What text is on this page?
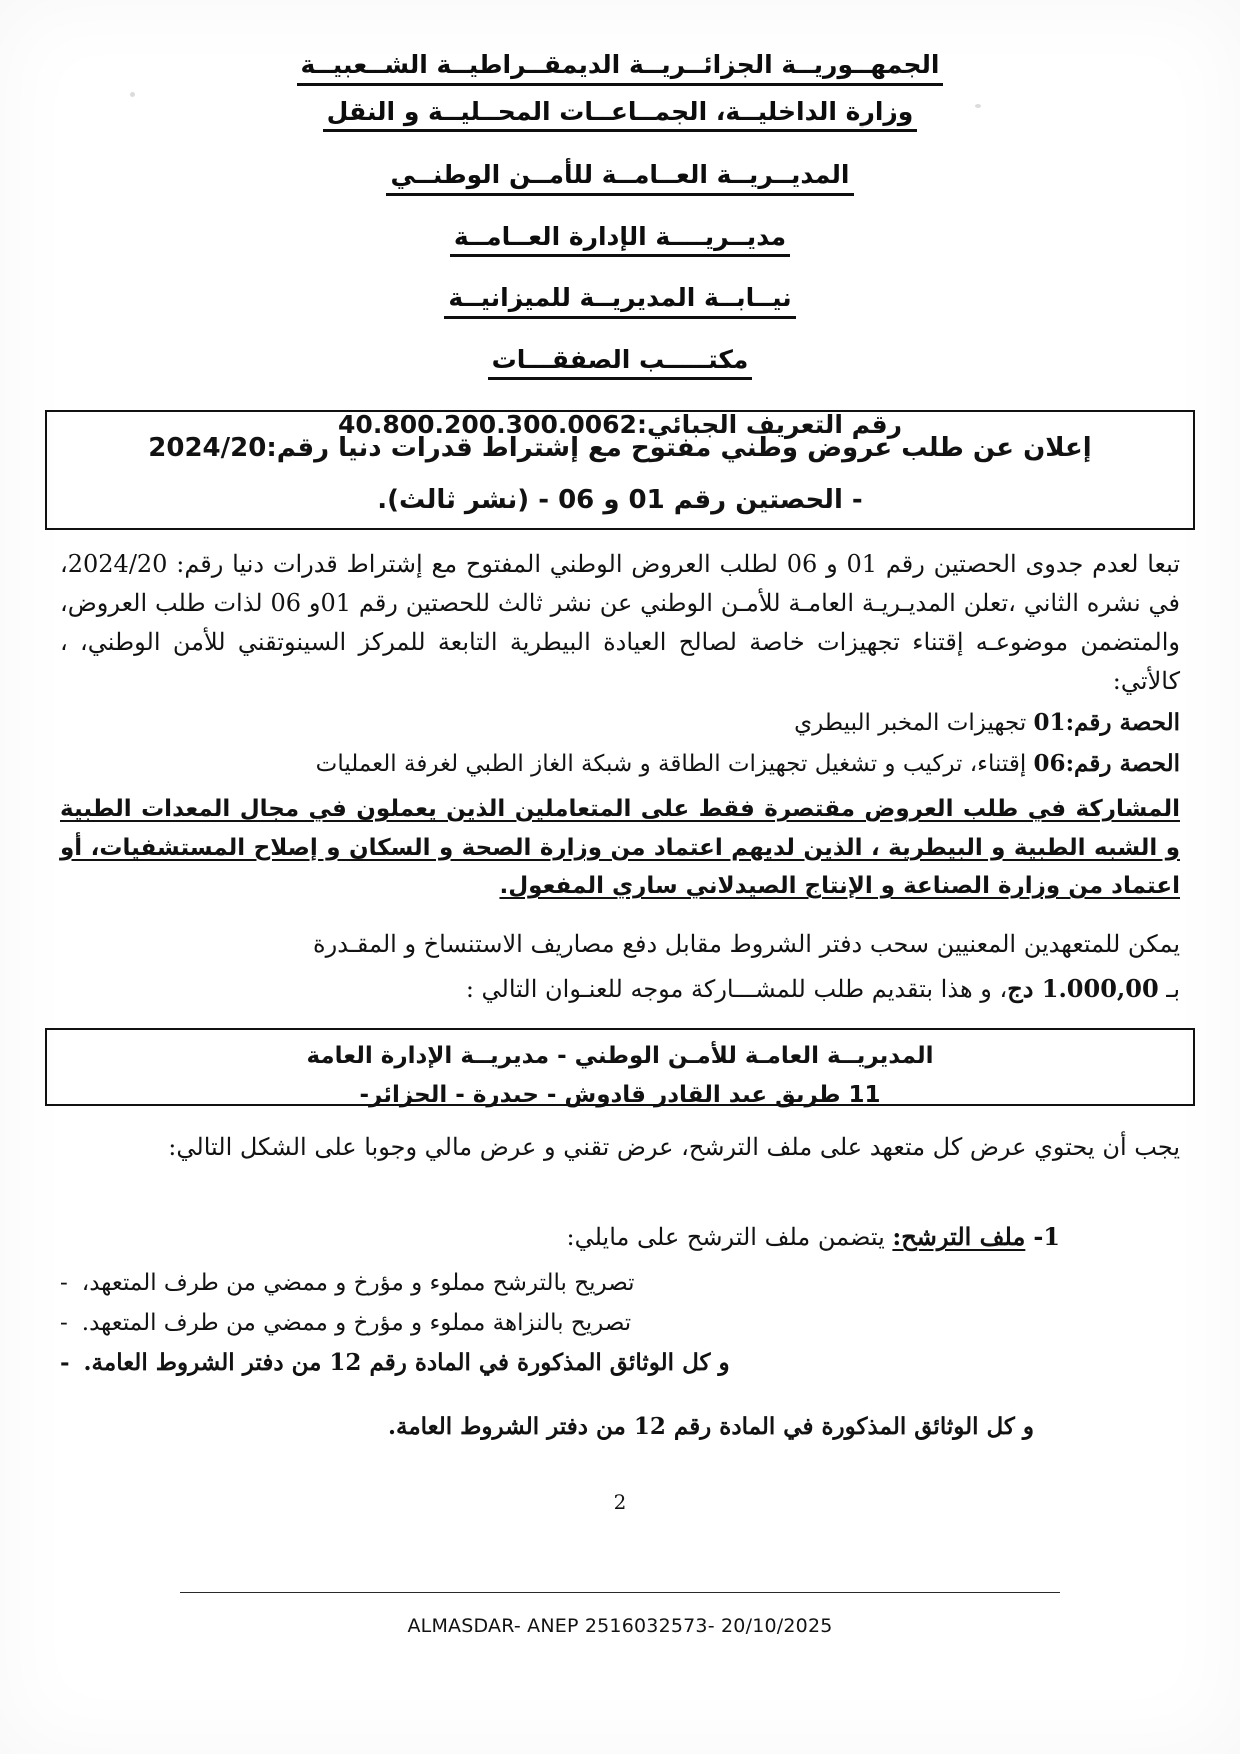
الجمهــوريــة الجزائــريــة الديمقــراطيــة الشــعبيــة
وزارة الداخليــة، الجمــاعــات المحــليــة و النقل
المديــريــة العــامــة للأمــن الوطنــي
مديــريــــة الإدارة العــامــة
نيــابــة المديريــة للميزانيــة
مكتـــــب الصفقـــات
رقم التعريف الجبائي:40.800.200.300.0062
إعلان عن طلب عروض وطني مفتوح مع إشتراط قدرات دنيا رقم:2024/20
- الحصتين رقم 01 و 06 - (نشر ثالث).
تبعا لعدم جدوى الحصتين رقم 01 و 06 لطلب العروض الوطني المفتوح مع إشتراط قدرات دنيا رقم: 2024/20، في نشره الثاني ،تعلن المديـريـة العامـة للأمـن الوطني عن نشر ثالث للحصتين رقم 01و 06 لذات طلب العروض، والمتضمن موضوعـه إقتناء تجهيزات خاصة لصالح العيادة البيطرية التابعة للمركز السينوتقني للأمن الوطني، ، كالأتي:
الحصة رقم:01 تجهيزات المخبر البيطري
الحصة رقم:06 إقتناء، تركيب و تشغيل تجهيزات الطاقة و شبكة الغاز الطبي لغرفة العمليات
المشاركة في طلب العروض مقتصرة فقط على المتعاملين الذين يعملون في مجال المعدات الطبية و الشبه الطبية و البيطرية ، الذين لديهم اعتماد من وزارة الصحة و السكان و إصلاح المستشفيات، أو اعتماد من وزارة الصناعة و الإنتاج الصيدلاني ساري المفعول.
يمكن للمتعهدين المعنيين سحب دفتر الشروط مقابل دفع مصاريف الاستنساخ و المقـدرة
بـ 1.000,00 دج، و هذا بتقديم طلب للمشـــاركة موجه للعنـوان التالي :
المديريــة العامـة للأمـن الوطني - مديريــة الإدارة العامة
11 طريق عبد القادر قادوش - حيدرة - الجزائر-
يجب أن يحتوي عرض كل متعهد على ملف الترشح، عرض تقني و عرض مالي وجوبا على الشكل التالي:
1-ملف الترشح: يتضمن ملف الترشح على مايلي:
- تصريح بالترشح مملوء و مؤرخ و ممضي من طرف المتعهد،
- تصريح بالنزاهة مملوء و مؤرخ و ممضي من طرف المتعهد.
- و كل الوثائق المذكورة في المادة رقم 12 من دفتر الشروط العامة.
و كل الوثائق المذكورة في المادة رقم 12 من دفتر الشروط العامة.
2
ALMASDAR- ANEP 2516032573- 20/10/2025
